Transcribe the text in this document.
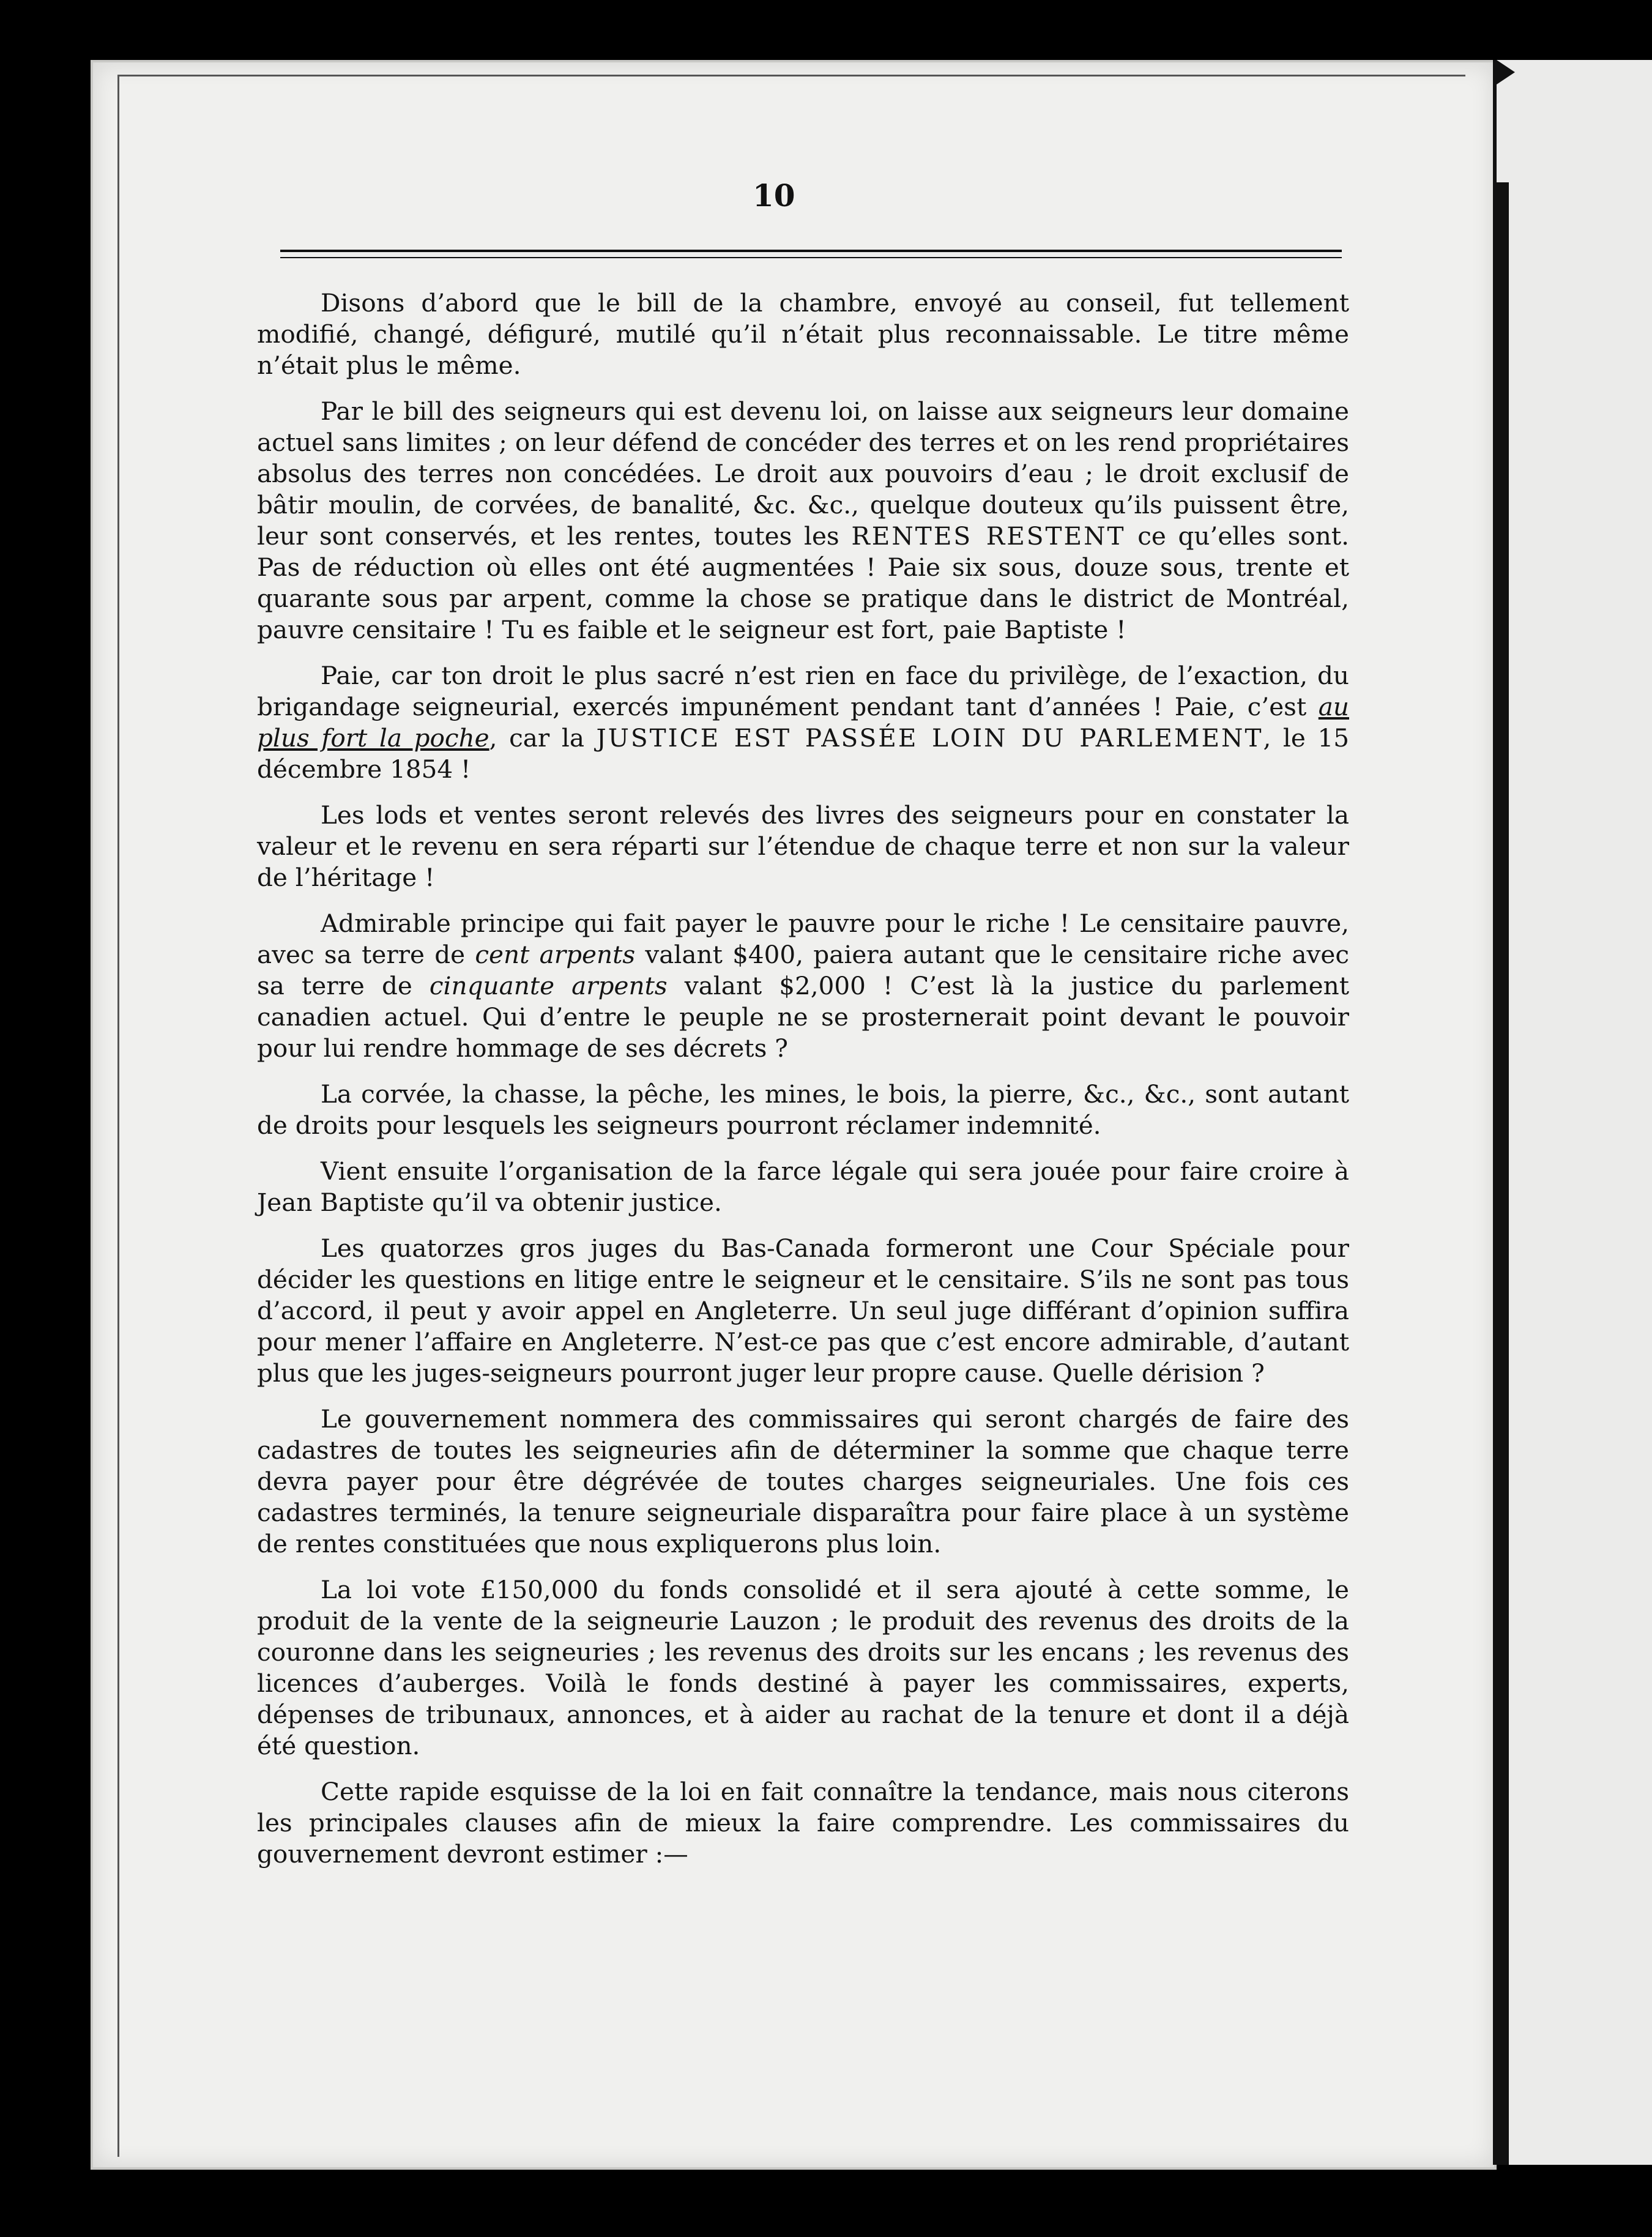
10

Disons d’abord que le bill de la chambre, envoyé au conseil, fut tellement modifié, changé, défiguré, mutilé qu’il n’était plus reconnaissable. Le titre même n’était plus le même.

Par le bill des seigneurs qui est devenu loi, on laisse aux seigneurs leur domaine actuel sans limites ; on leur défend de concéder des terres et on les rend propriétaires absolus des terres non concédées. Le droit aux pouvoirs d’eau ; le droit exclusif de bâtir moulin, de corvées, de banalité, &c. &c., quelque douteux qu’ils puissent être, leur sont conservés, et les rentes, toutes les RENTES RESTENT ce qu’elles sont. Pas de réduction où elles ont été augmentées ! Paie six sous, douze sous, trente et quarante sous par arpent, comme la chose se pratique dans le district de Montréal, pauvre censitaire ! Tu es faible et le seigneur est fort, paie Baptiste !

Paie, car ton droit le plus sacré n’est rien en face du privilège, de l’exaction, du brigandage seigneurial, exercés impunément pendant tant d’années ! Paie, c’est au plus fort la poche, car la JUSTICE EST PASSÉE LOIN DU PARLEMENT, le 15 décembre 1854 !

Les lods et ventes seront relevés des livres des seigneurs pour en constater la valeur et le revenu en sera réparti sur l’étendue de chaque terre et non sur la valeur de l’héritage !

Admirable principe qui fait payer le pauvre pour le riche ! Le censitaire pauvre, avec sa terre de cent arpents valant $400, paiera autant que le censitaire riche avec sa terre de cinquante arpents valant $2,000 ! C’est là la justice du parlement canadien actuel. Qui d’entre le peuple ne se prosternerait point devant le pouvoir pour lui rendre hommage de ses décrets ?

La corvée, la chasse, la pêche, les mines, le bois, la pierre, &c., &c., sont autant de droits pour lesquels les seigneurs pourront réclamer indemnité.

Vient ensuite l’organisation de la farce légale qui sera jouée pour faire croire à Jean Baptiste qu’il va obtenir justice.

Les quatorzes gros juges du Bas-Canada formeront une Cour Spéciale pour décider les questions en litige entre le seigneur et le censitaire. S’ils ne sont pas tous d’accord, il peut y avoir appel en Angleterre. Un seul juge différant d’opinion suffira pour mener l’affaire en Angleterre. N’est-ce pas que c’est encore admirable, d’autant plus que les juges-seigneurs pourront juger leur propre cause. Quelle dérision ?

Le gouvernement nommera des commissaires qui seront chargés de faire des cadastres de toutes les seigneuries afin de déterminer la somme que chaque terre devra payer pour être dégrévée de toutes charges seigneuriales. Une fois ces cadastres terminés, la tenure seigneuriale disparaîtra pour faire place à un système de rentes constituées que nous expliquerons plus loin.

La loi vote £150,000 du fonds consolidé et il sera ajouté à cette somme, le produit de la vente de la seigneurie Lauzon ; le produit des revenus des droits de la couronne dans les seigneuries ; les revenus des droits sur les encans ; les revenus des licences d’auberges. Voilà le fonds destiné à payer les commissaires, experts, dépenses de tribunaux, annonces, et à aider au rachat de la tenure et dont il a déjà été question.

Cette rapide esquisse de la loi en fait connaître la tendance, mais nous citerons les principales clauses afin de mieux la faire comprendre. Les commissaires du gouvernement devront estimer :—
